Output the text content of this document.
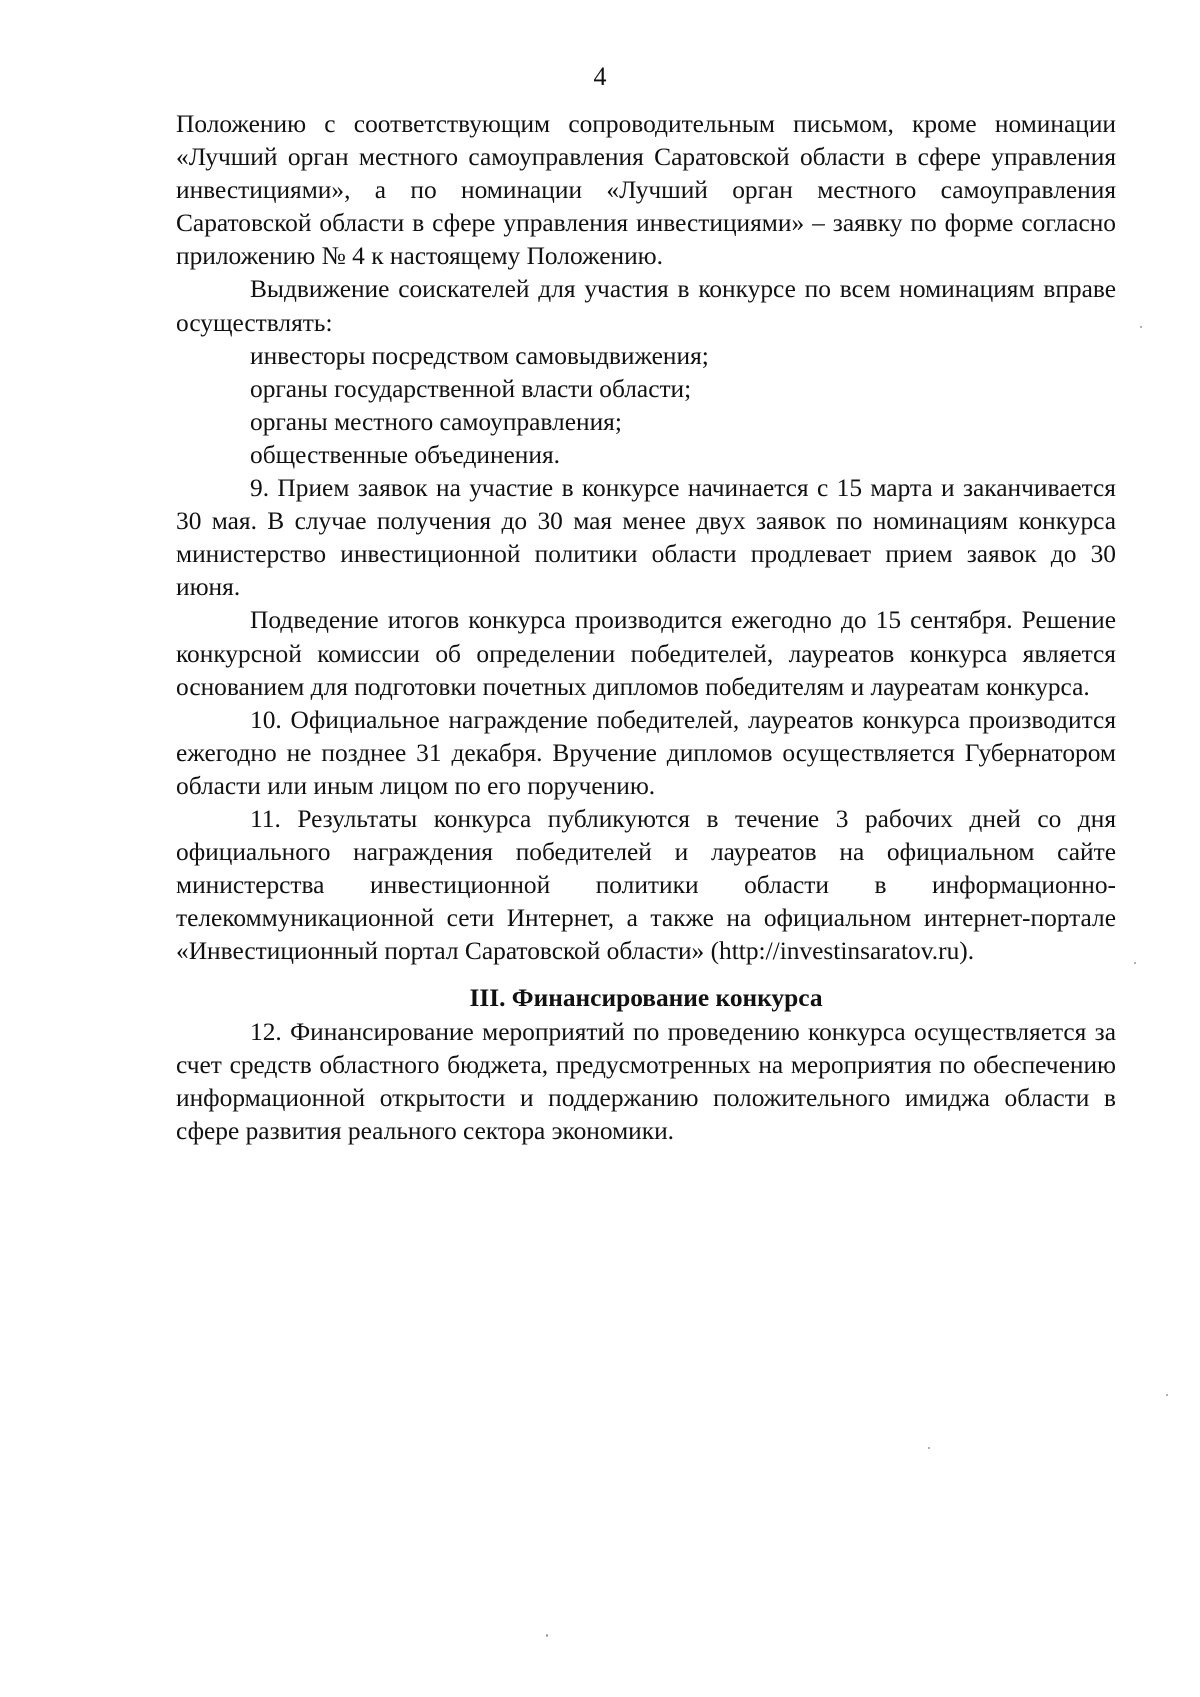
4

Положению с соответствующим сопроводительным письмом, кроме номинации «Лучший орган местного самоуправления Саратовской области в сфере управления инвестициями», а по номинации «Лучший орган местного самоуправления Саратовской области в сфере управления инвестициями» – заявку по форме согласно приложению № 4 к настоящему Положению.

Выдвижение соискателей для участия в конкурсе по всем номинациям вправе осуществлять:

инвесторы посредством самовыдвижения;

органы государственной власти области;

органы местного самоуправления;

общественные объединения.

9. Прием заявок на участие в конкурсе начинается с 15 марта и заканчивается 30 мая. В случае получения до 30 мая менее двух заявок по номинациям конкурса министерство инвестиционной политики области продлевает прием заявок до 30 июня.

Подведение итогов конкурса производится ежегодно до 15 сентября. Решение конкурсной комиссии об определении победителей, лауреатов конкурса является основанием для подготовки почетных дипломов победителям и лауреатам конкурса.

10. Официальное награждение победителей, лауреатов конкурса производится ежегодно не позднее 31 декабря. Вручение дипломов осуществляется Губернатором области или иным лицом по его поручению.

11. Результаты конкурса публикуются в течение 3 рабочих дней со дня официального награждения победителей и лауреатов на официальном сайте министерства инвестиционной политики области в информационно-телекоммуникационной сети Интернет, а также на официальном интернет-портале «Инвестиционный портал Саратовской области» (http://investinsaratov.ru).

III. Финансирование конкурса

12. Финансирование мероприятий по проведению конкурса осуществляется за счет средств областного бюджета, предусмотренных на мероприятия по обеспечению информационной открытости и поддержанию положительного имиджа области в сфере развития реального сектора экономики.
